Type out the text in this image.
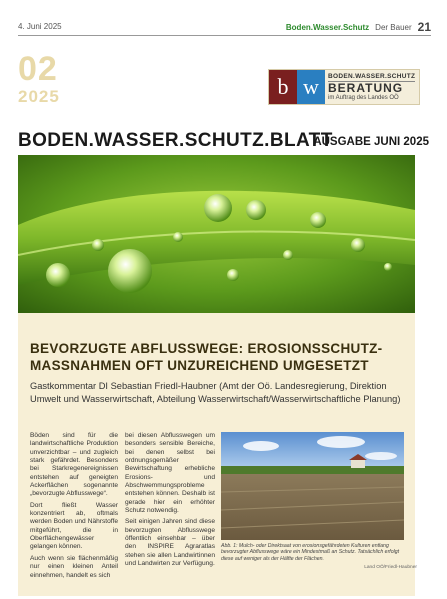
4. Juni 2025	Boden.Wasser.Schutz Der Bauer 21
02
2025	b w	BODEN.WASSER.SCHUTZ
BERATUNG
im Auftrag des Landes OÖ
BODEN.WASSER.SCHUTZ.BLATT
AUSGABE JUNI 2025
BEVORZUGTE ABFLUSSWEGE: EROSIONSSCHUTZ-
MASSNAHMEN OFT UNZUREICHEND UMGESETZT
Gastkommentar DI Sebastian Friedl-Haubner (Amt der Oö. Landesregierung, Direktion Umwelt und Wasserwirtschaft, Abteilung Wasserwirtschaft/Wasserwirtschaftliche Planung)

Böden sind für die landwirtschaftliche Produktion unverzichtbar – und zugleich stark gefährdet. Besonders bei Starkregenereignissen entstehen auf geneigten Ackerflächen sogenannte „bevorzugte Abflusswege“.

Dort fließt Wasser konzentriert ab, oftmals werden Boden und Nährstoffe mitgeführt, die in Oberflächengewässer gelangen können.

Auch wenn sie flächenmäßig nur einen kleinen Anteil einnehmen, handelt es sich

bei diesen Abflusswegen um besonders sensible Bereiche, bei denen selbst bei ordnungsgemäßer Bewirtschaftung erhebliche Erosions- und Abschwemmungsprobleme entstehen können. Deshalb ist gerade hier ein erhöhter Schutz notwendig.

Seit einigen Jahren sind diese bevorzugten Abflusswege öffentlich einsehbar – über den INSPIRE Agraratlas stehen sie allen Landwirtinnen und Landwirten zur Verfügung.

Abb. 1: Mulch- oder Direktsaat von erosionsgefährdeten Kulturen entlang bevorzugter Abflusswege wäre ein Mindestmaß an Schutz. Tatsächlich erfolgt diese auf weniger als der Hälfte der Flächen.
Land OÖ/Friedl-Haubner
